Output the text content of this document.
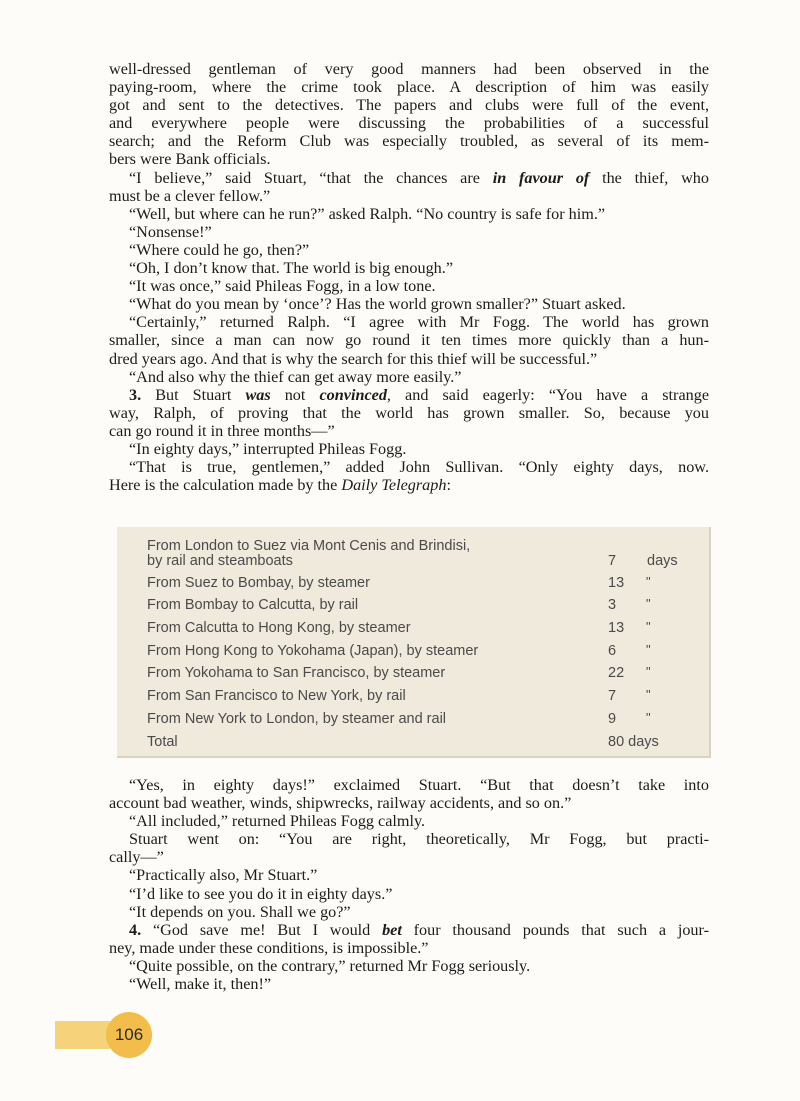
well-dressed gentleman of very good manners had been observed in the
paying-room, where the crime took place. A description of him was easily
got and sent to the detectives. The papers and clubs were full of the event,
and everywhere people were discussing the probabilities of a successful
search; and the Reform Club was especially troubled, as several of its mem-
bers were Bank officials.
“I believe,” said Stuart, “that the chances are in favour of the thief, who
must be a clever fellow.”
“Well, but where can he run?” asked Ralph. “No country is safe for him.”
“Nonsense!”
“Where could he go, then?”
“Oh, I don’t know that. The world is big enough.”
“It was once,” said Phileas Fogg, in a low tone.
“What do you mean by ‘once’? Has the world grown smaller?” Stuart asked.
“Certainly,” returned Ralph. “I agree with Mr Fogg. The world has grown
smaller, since a man can now go round it ten times more quickly than a hun-
dred years ago. And that is why the search for this thief will be successful.”
“And also why the thief can get away more easily.”
3. But Stuart was not convinced, and said eagerly: “You have a strange
way, Ralph, of proving that the world has grown smaller. So, because you
can go round it in three months—”
“In eighty days,” interrupted Phileas Fogg.
“That is true, gentlemen,” added John Sullivan. “Only eighty days, now.
Here is the calculation made by the Daily Telegraph:
From London to Suez via Mont Cenis and Brindisi,
by rail and steamboats	7 days
From Suez to Bombay, by steamer	13 "
From Bombay to Calcutta, by rail	3 "
From Calcutta to Hong Kong, by steamer	13 "
From Hong Kong to Yokohama (Japan), by steamer	6 "
From Yokohama to San Francisco, by steamer	22 "
From San Francisco to New York, by rail	7 "
From New York to London, by steamer and rail	9 "
Total	80 days
“Yes, in eighty days!” exclaimed Stuart. “But that doesn’t take into
account bad weather, winds, shipwrecks, railway accidents, and so on.”
“All included,” returned Phileas Fogg calmly.
Stuart went on: “You are right, theoretically, Mr Fogg, but practi-
cally—”
“Practically also, Mr Stuart.”
“I’d like to see you do it in eighty days.”
“It depends on you. Shall we go?”
4. “God save me! But I would bet four thousand pounds that such a jour-
ney, made under these conditions, is impossible.”
“Quite possible, on the contrary,” returned Mr Fogg seriously.
“Well, make it, then!”
106
